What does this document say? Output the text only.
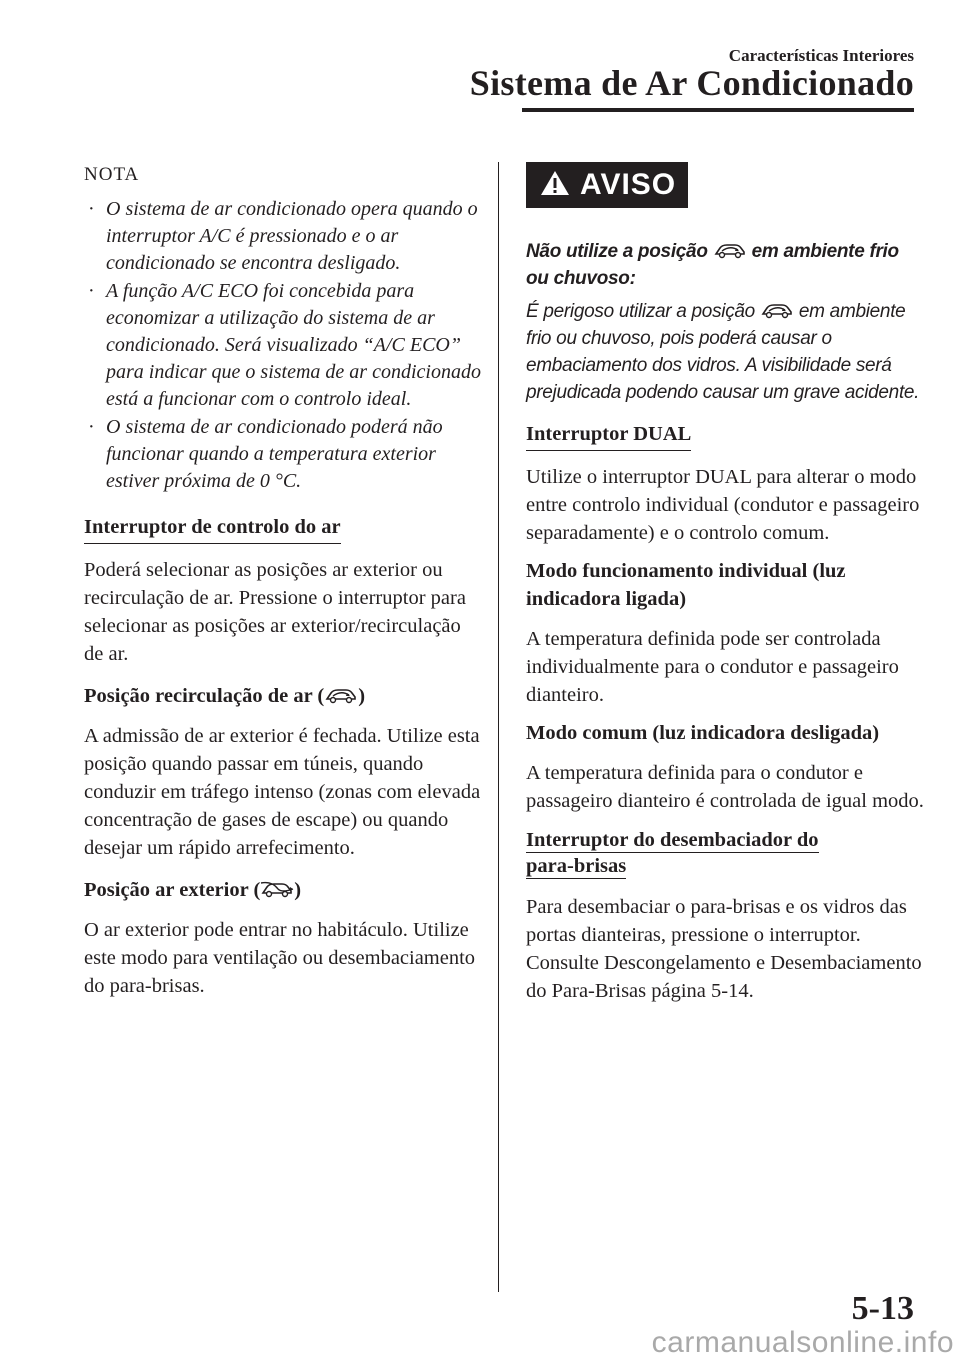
Características Interiores
Sistema de Ar Condicionado

NOTA

· O sistema de ar condicionado opera quando o interruptor A/C é pressionado e o ar condicionado se encontra desligado.
· A função A/C ECO foi concebida para economizar a utilização do sistema de ar condicionado. Será visualizado “A/C ECO” para indicar que o sistema de ar condicionado está a funcionar com o controlo ideal.
· O sistema de ar condicionado poderá não funcionar quando a temperatura exterior estiver próxima de 0 °C.
Interruptor de controlo do ar

Poderá selecionar as posições ar exterior ou recirculação de ar. Pressione o interruptor para selecionar as posições ar exterior/recirculação de ar.

Posição recirculação de ar ( )

A admissão de ar exterior é fechada. Utilize esta posição quando passar em túneis, quando conduzir em tráfego intenso (zonas com elevada concentração de gases de escape) ou quando desejar um rápido arrefecimento.

Posição ar exterior ( )

O ar exterior pode entrar no habitáculo. Utilize este modo para ventilação ou desembaciamento do para-brisas.

AVISO

Não utilize a posição em ambiente frio ou chuvoso:

É perigoso utilizar a posição em ambiente frio ou chuvoso, pois poderá causar o embaciamento dos vidros. A visibilidade será prejudicada podendo causar um grave acidente.

Interruptor DUAL

Utilize o interruptor DUAL para alterar o modo entre controlo individual (condutor e passageiro separadamente) e o controlo comum.

Modo funcionamento individual (luz indicadora ligada)

A temperatura definida pode ser controlada individualmente para o condutor e passageiro dianteiro.

Modo comum (luz indicadora desligada)

A temperatura definida para o condutor e passageiro dianteiro é controlada de igual modo.

Interruptor do desembaciador do
para-brisas

Para desembaciar o para-brisas e os vidros das portas dianteiras, pressione o interruptor.

Consulte Descongelamento e Desembaciamento do Para-Brisas página 5-14.

5-13
carmanualsonline.info
